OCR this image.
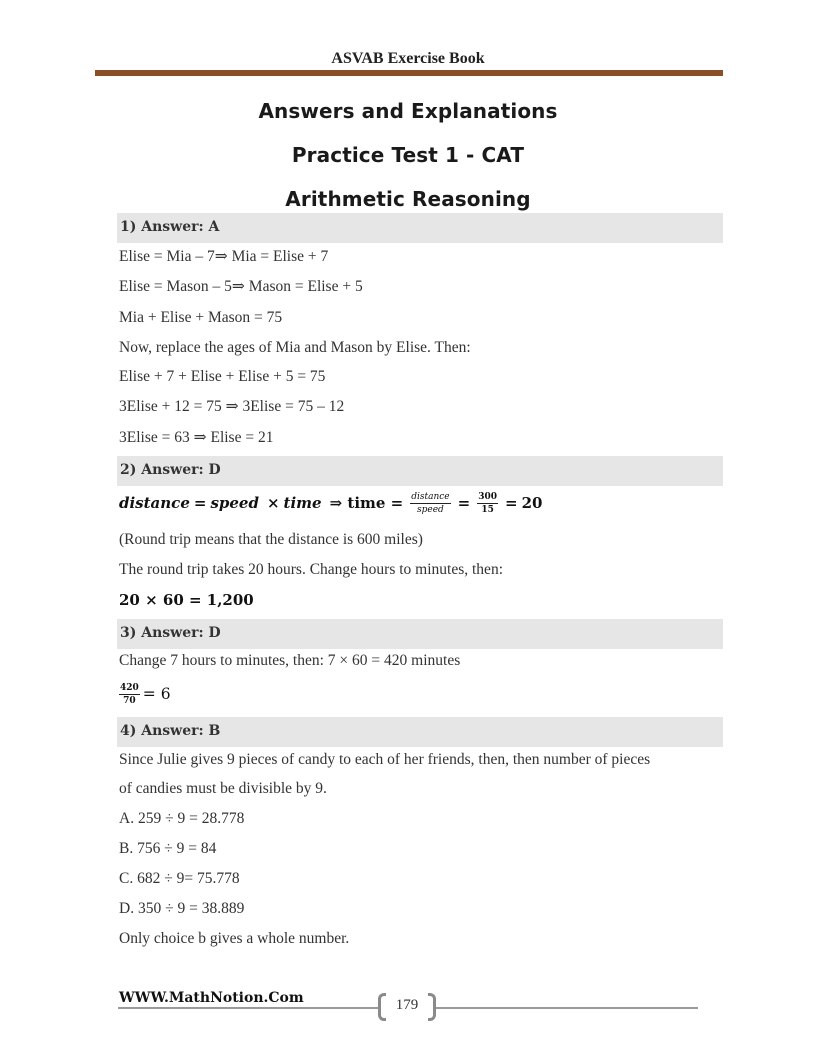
ASVAB Exercise Book
Answers and Explanations
Practice Test 1 - CAT
Arithmetic Reasoning
1) Answer: A
Elise = Mia – 7⇒ Mia = Elise + 7
Elise = Mason – 5⇒ Mason = Elise + 5
Mia + Elise + Mason = 75
Now, replace the ages of Mia and Mason by Elise. Then:
Elise + 7 + Elise + Elise + 5 = 75
3Elise + 12 = 75 ⇒ 3Elise = 75 – 12
3Elise = 63 ⇒ Elise = 21
2) Answer: D
distance = speed × time ⇒ time = $\frac{\text{distance}}{\text{speed}} = \frac{300}{15} = 20$
(Round trip means that the distance is 600 miles)
The round trip takes 20 hours. Change hours to minutes, then:
20 × 60 = 1,200
3) Answer: D
Change 7 hours to minutes, then: 7 × 60 = 420 minutes
$\frac{420}{70} = 6$
4) Answer: B
Since Julie gives 9 pieces of candy to each of her friends, then, then number of pieces
of candies must be divisible by 9.
A. 259 ÷ 9 = 28.778
B. 756 ÷ 9 = 84
C. 682 ÷ 9= 75.778
D. 350 ÷ 9 = 38.889
Only choice b gives a whole number.
WWW.MathNotion.Com	179
